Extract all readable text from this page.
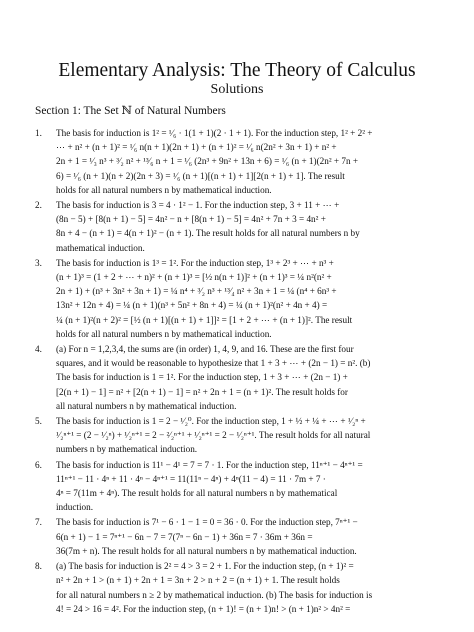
Elementary Analysis: The Theory of Calculus
Solutions
Section 1: The Set ℕ of Natural Numbers
1.	The basis for induction is 1² = ¹⁄₆ · 1(1 + 1)(2 · 1 + 1). For the induction step, 1² + 2² +
⋯ + n² + (n + 1)² = ¹⁄₆ n(n + 1)(2n + 1) + (n + 1)² = ¹⁄₆ n(2n² + 3n + 1) + n² +
2n + 1 = ¹⁄₃ n³ + ³⁄₂ n² + ¹³⁄₆ n + 1 = ¹⁄₆ (2n³ + 9n² + 13n + 6) = ¹⁄₆ (n + 1)(2n² + 7n +
6) = ¹⁄₆ (n + 1)(n + 2)(2n + 3) = ¹⁄₆ (n + 1)[(n + 1) + 1][2(n + 1) + 1]. The result
holds for all natural numbers n by mathematical induction.
2.	The basis for induction is 3 = 4 · 1² − 1. For the induction step, 3 + 11 + ⋯ +
(8n − 5) + [8(n + 1) − 5] = 4n² − n + [8(n + 1) − 5] = 4n² + 7n + 3 = 4n² +
8n + 4 − (n + 1) = 4(n + 1)² − (n + 1). The result holds for all natural numbers n by
mathematical induction.
3.	The basis for induction is 1³ = 1². For the induction step, 1³ + 2³ + ⋯ + n³ +
(n + 1)³ = (1 + 2 + ⋯ + n)² + (n + 1)³ = [½ n(n + 1)]² + (n + 1)³ = ¼ n²(n² +
2n + 1) + (n³ + 3n² + 3n + 1) = ¼ n⁴ + ³⁄₂ n³ + ¹³⁄₄ n² + 3n + 1 = ¼ (n⁴ + 6n³ +
13n² + 12n + 4) = ¼ (n + 1)(n³ + 5n² + 8n + 4) = ¼ (n + 1)²(n² + 4n + 4) =
¼ (n + 1)²(n + 2)² = [½ (n + 1)[(n + 1) + 1]]² = [1 + 2 + ⋯ + (n + 1)]². The result
holds for all natural numbers n by mathematical induction.
4.	(a) For n = 1,2,3,4, the sums are (in order) 1, 4, 9, and 16. These are the first four
squares, and it would be reasonable to hypothesize that 1 + 3 + ⋯ + (2n − 1) = n². (b)
The basis for induction is 1 = 1². For the induction step, 1 + 3 + ⋯ + (2n − 1) +
[2(n + 1) − 1] = n² + [2(n + 1) − 1] = n² + 2n + 1 = (n + 1)². The result holds for
all natural numbers n by mathematical induction.
5.	The basis for induction is 1 = 2 − ¹⁄₂⁰. For the induction step, 1 + ½ + ¼ + ⋯ + ¹⁄₂ⁿ +
¹⁄₂ⁿ⁺¹ = (2 − ¹⁄₂ⁿ) + ¹⁄₂ⁿ⁺¹ = 2 − ²⁄₂ⁿ⁺¹ + ¹⁄₂ⁿ⁺¹ = 2 − ¹⁄₂ⁿ⁺¹. The result holds for all natural
numbers n by mathematical induction.
6.	The basis for induction is 11¹ − 4¹ = 7 = 7 · 1. For the induction step, 11ⁿ⁺¹ − 4ⁿ⁺¹ =
11ⁿ⁺¹ − 11 · 4ⁿ + 11 · 4ⁿ − 4ⁿ⁺¹ = 11(11ⁿ − 4ⁿ) + 4ⁿ(11 − 4) = 11 · 7m + 7 ·
4ⁿ = 7(11m + 4ⁿ). The result holds for all natural numbers n by mathematical
induction.
7.	The basis for induction is 7¹ − 6 · 1 − 1 = 0 = 36 · 0. For the induction step, 7ⁿ⁺¹ −
6(n + 1) − 1 = 7ⁿ⁺¹ − 6n − 7 = 7(7ⁿ − 6n − 1) + 36n = 7 · 36m + 36n =
36(7m + n). The result holds for all natural numbers n by mathematical induction.
8.	(a) The basis for induction is 2² = 4 > 3 = 2 + 1. For the induction step, (n + 1)² =
n² + 2n + 1 > (n + 1) + 2n + 1 = 3n + 2 > n + 2 = (n + 1) + 1. The result holds
for all natural numbers n ≥ 2 by mathematical induction. (b) The basis for induction is
4! = 24 > 16 = 4². For the induction step, (n + 1)! = (n + 1)n! > (n + 1)n² > 4n² =
